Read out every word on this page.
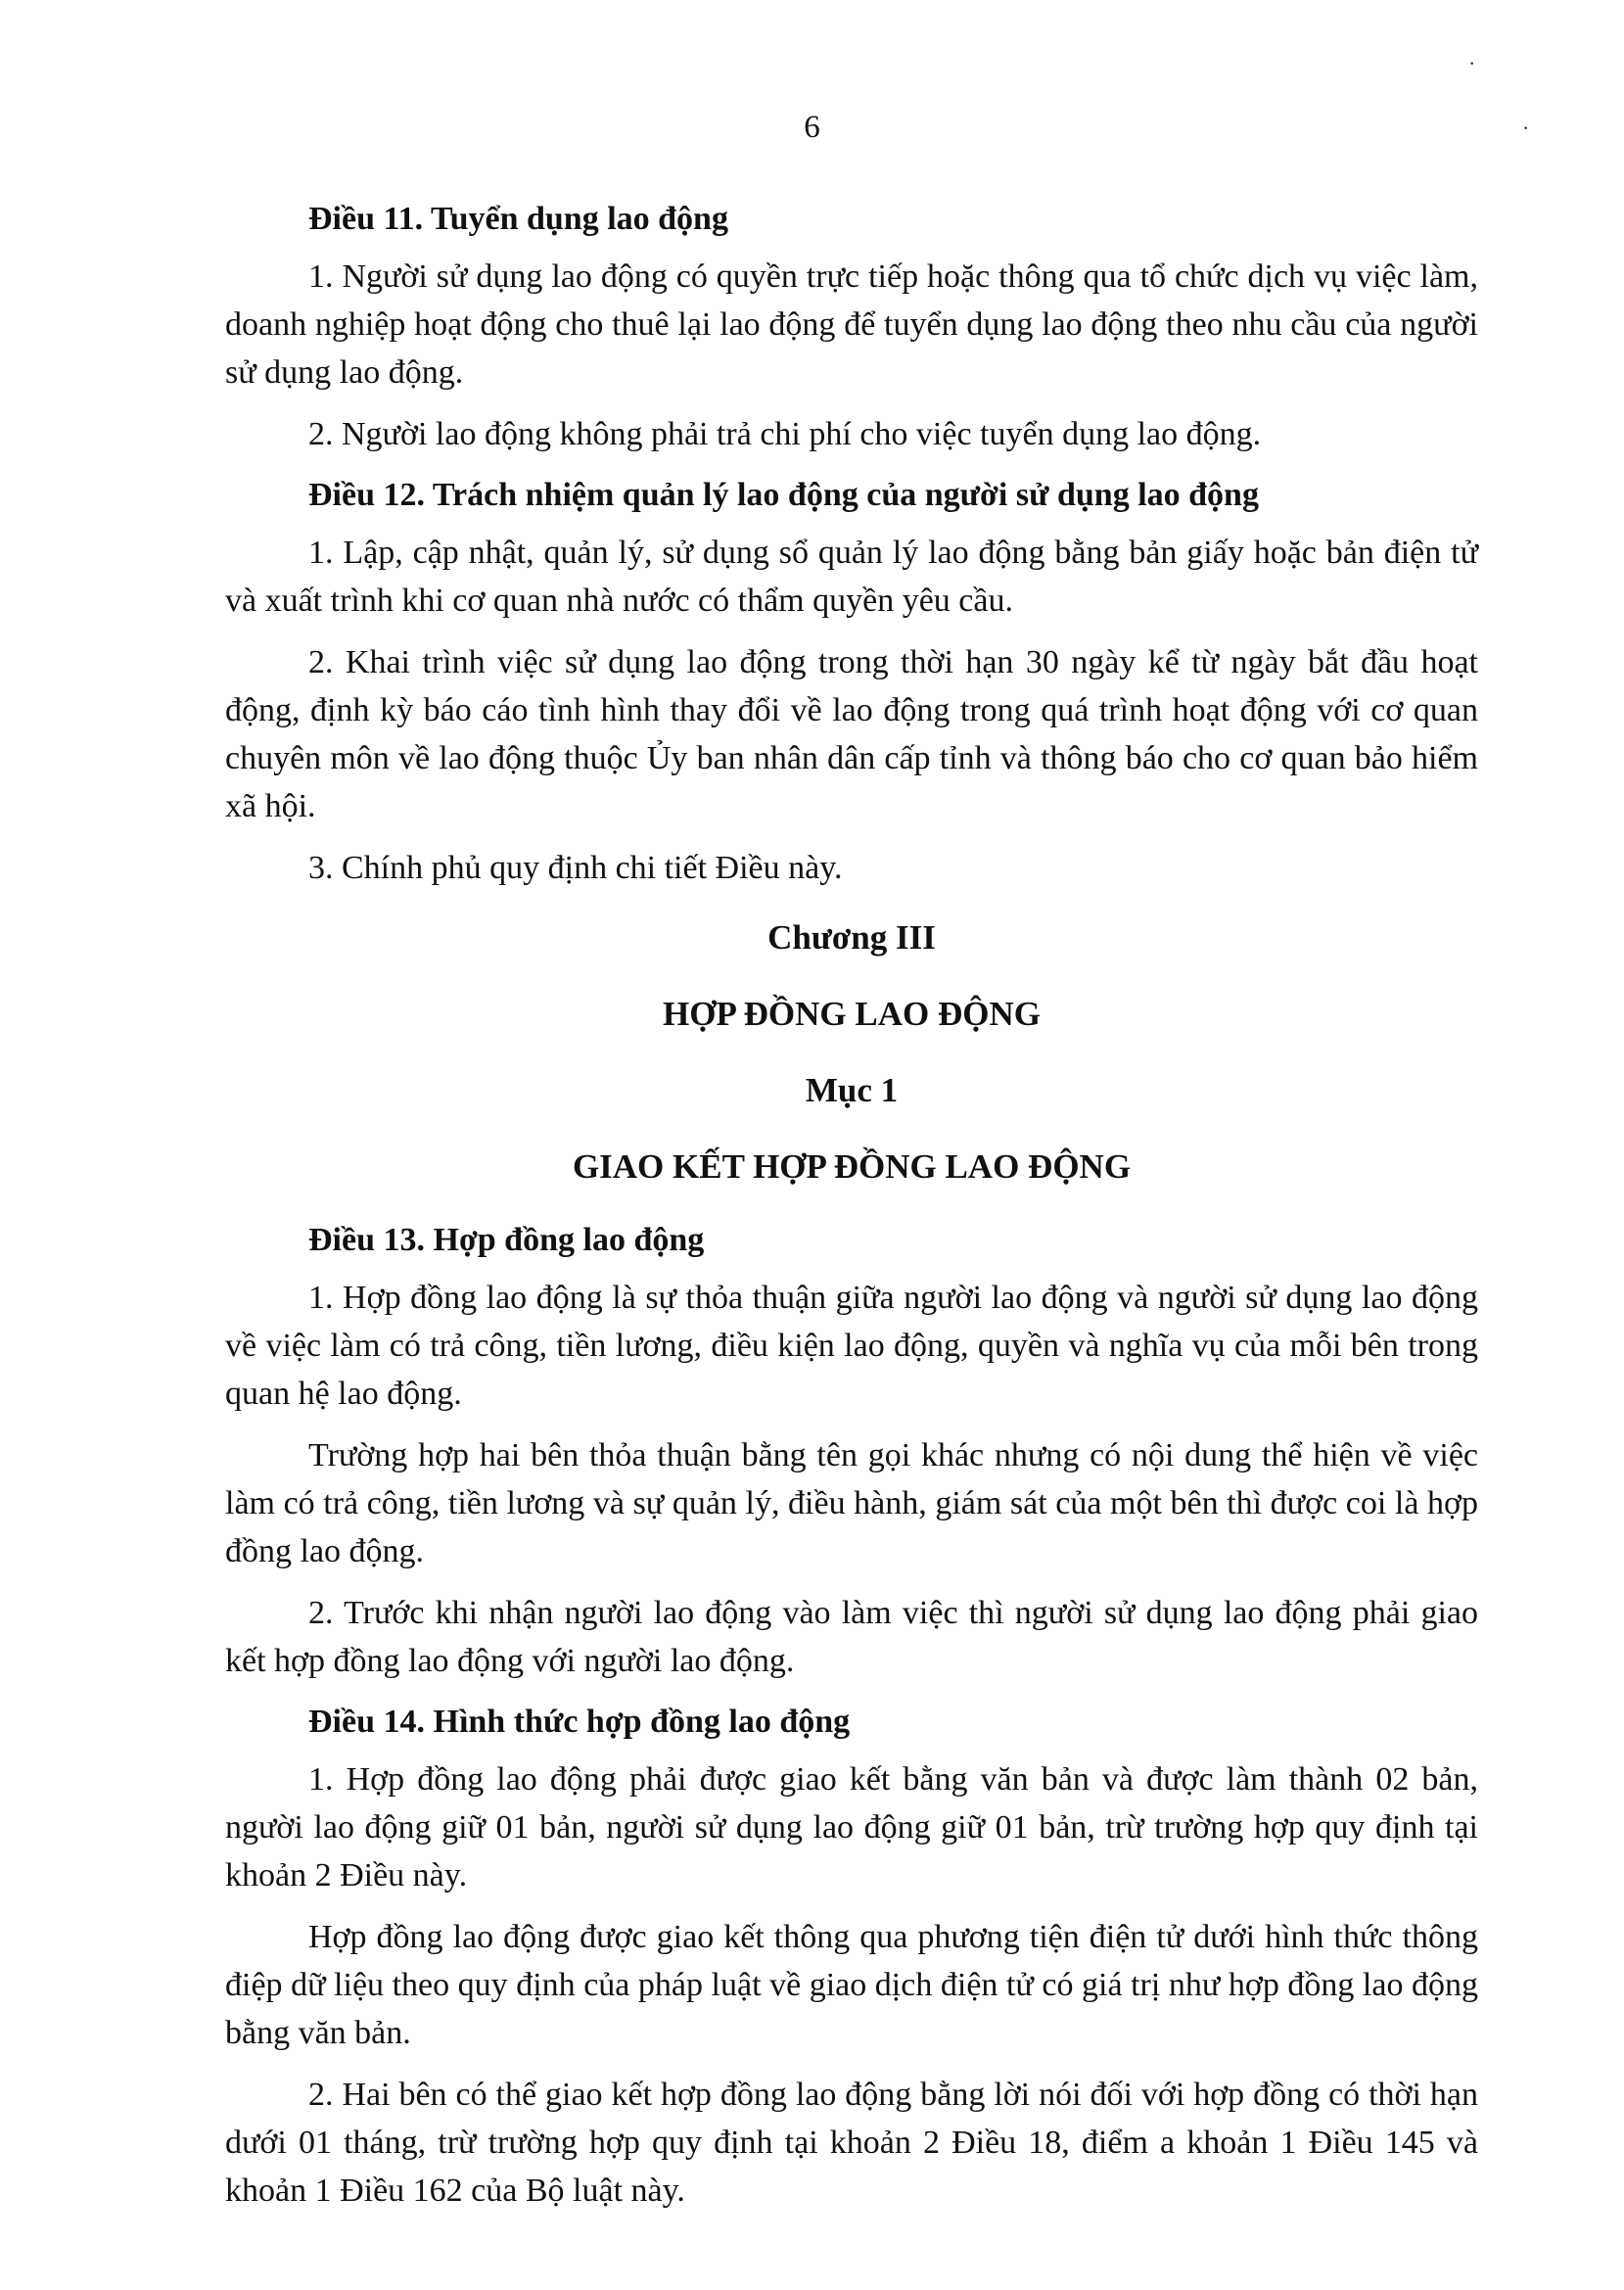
·
·
6

Điều 11. Tuyển dụng lao động

1. Người sử dụng lao động có quyền trực tiếp hoặc thông qua tổ chức dịch vụ việc làm, doanh nghiệp hoạt động cho thuê lại lao động để tuyển dụng lao động theo nhu cầu của người sử dụng lao động.

2. Người lao động không phải trả chi phí cho việc tuyển dụng lao động.

Điều 12. Trách nhiệm quản lý lao động của người sử dụng lao động

1. Lập, cập nhật, quản lý, sử dụng sổ quản lý lao động bằng bản giấy hoặc bản điện tử và xuất trình khi cơ quan nhà nước có thẩm quyền yêu cầu.

2. Khai trình việc sử dụng lao động trong thời hạn 30 ngày kể từ ngày bắt đầu hoạt động, định kỳ báo cáo tình hình thay đổi về lao động trong quá trình hoạt động với cơ quan chuyên môn về lao động thuộc Ủy ban nhân dân cấp tỉnh và thông báo cho cơ quan bảo hiểm xã hội.

3. Chính phủ quy định chi tiết Điều này.

Chương III

HỢP ĐỒNG LAO ĐỘNG

Mục 1

GIAO KẾT HỢP ĐỒNG LAO ĐỘNG

Điều 13. Hợp đồng lao động

1. Hợp đồng lao động là sự thỏa thuận giữa người lao động và người sử dụng lao động về việc làm có trả công, tiền lương, điều kiện lao động, quyền và nghĩa vụ của mỗi bên trong quan hệ lao động.

Trường hợp hai bên thỏa thuận bằng tên gọi khác nhưng có nội dung thể hiện về việc làm có trả công, tiền lương và sự quản lý, điều hành, giám sát của một bên thì được coi là hợp đồng lao động.

2. Trước khi nhận người lao động vào làm việc thì người sử dụng lao động phải giao kết hợp đồng lao động với người lao động.

Điều 14. Hình thức hợp đồng lao động

1. Hợp đồng lao động phải được giao kết bằng văn bản và được làm thành 02 bản, người lao động giữ 01 bản, người sử dụng lao động giữ 01 bản, trừ trường hợp quy định tại khoản 2 Điều này.

Hợp đồng lao động được giao kết thông qua phương tiện điện tử dưới hình thức thông điệp dữ liệu theo quy định của pháp luật về giao dịch điện tử có giá trị như hợp đồng lao động bằng văn bản.

2. Hai bên có thể giao kết hợp đồng lao động bằng lời nói đối với hợp đồng có thời hạn dưới 01 tháng, trừ trường hợp quy định tại khoản 2 Điều 18, điểm a khoản 1 Điều 145 và khoản 1 Điều 162 của Bộ luật này.
